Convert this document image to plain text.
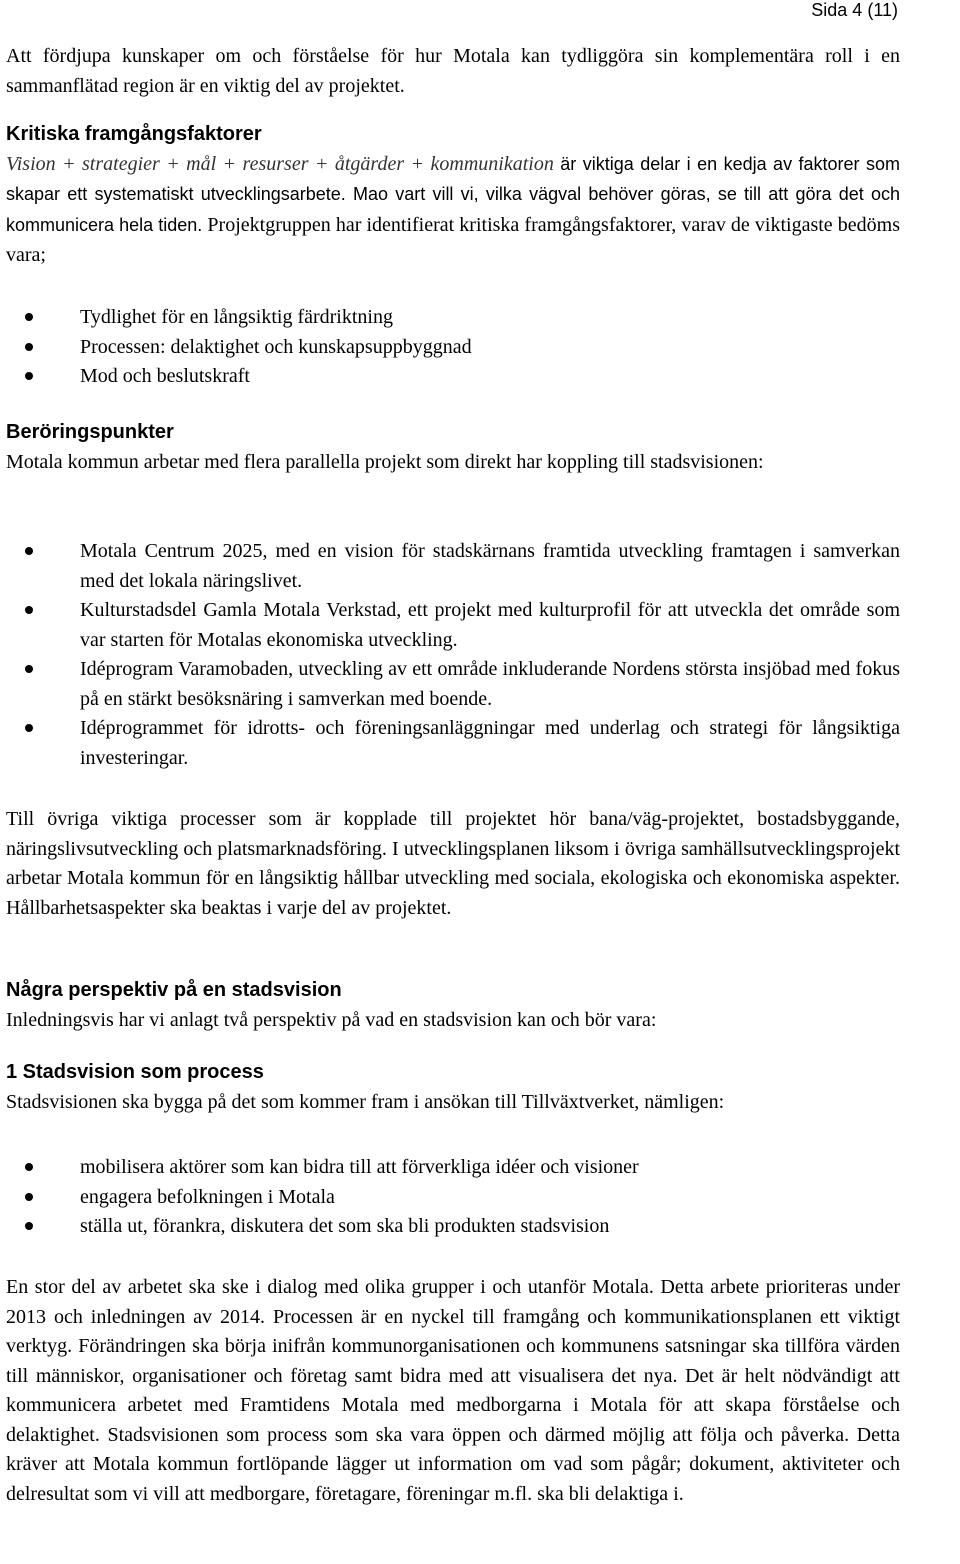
Sida 4 (11)

Att fördjupa kunskaper om och förståelse för hur Motala kan tydliggöra sin komplementära roll i en sammanflätad region är en viktig del av projektet.

Kritiska framgångsfaktorer

Vision + strategier + mål + resurser + åtgärder + kommunikation är viktiga delar i en kedja av faktorer som skapar ett systematiskt utvecklingsarbete. Mao vart vill vi, vilka vägval behöver göras, se till att göra det och kommunicera hela tiden. Projektgruppen har identifierat kritiska framgångsfaktorer, varav de viktigaste bedöms vara;

Tydlighet för en långsiktig färdriktning
Processen: delaktighet och kunskapsuppbyggnad
Mod och beslutskraft
Beröringspunkter

Motala kommun arbetar med flera parallella projekt som direkt har koppling till stadsvisionen:

Motala Centrum 2025, med en vision för stadskärnans framtida utveckling framtagen i samverkan med det lokala näringslivet.
Kulturstadsdel Gamla Motala Verkstad, ett projekt med kulturprofil för att utveckla det område som var starten för Motalas ekonomiska utveckling.
Idéprogram Varamobaden, utveckling av ett område inkluderande Nordens största insjöbad med fokus på en stärkt besöksnäring i samverkan med boende.
Idéprogrammet för idrotts- och föreningsanläggningar med underlag och strategi för långsiktiga investeringar.

Till övriga viktiga processer som är kopplade till projektet hör bana/väg-projektet, bostadsbyggande, näringslivsutveckling och platsmarknadsföring. I utvecklingsplanen liksom i övriga samhällsutvecklingsprojekt arbetar Motala kommun för en långsiktig hållbar utveckling med sociala, ekologiska och ekonomiska aspekter. Hållbarhetsaspekter ska beaktas i varje del av projektet.

Några perspektiv på en stadsvision

Inledningsvis har vi anlagt två perspektiv på vad en stadsvision kan och bör vara:

1 Stadsvision som process

Stadsvisionen ska bygga på det som kommer fram i ansökan till Tillväxtverket, nämligen:

mobilisera aktörer som kan bidra till att förverkliga idéer och visioner
engagera befolkningen i Motala
ställa ut, förankra, diskutera det som ska bli produkten stadsvision

En stor del av arbetet ska ske i dialog med olika grupper i och utanför Motala. Detta arbete prioriteras under 2013 och inledningen av 2014. Processen är en nyckel till framgång och kommunikationsplanen ett viktigt verktyg. Förändringen ska börja inifrån kommunorganisationen och kommunens satsningar ska tillföra värden till människor, organisationer och företag samt bidra med att visualisera det nya. Det är helt nödvändigt att kommunicera arbetet med Framtidens Motala med medborgarna i Motala för att skapa förståelse och delaktighet. Stadsvisionen som process som ska vara öppen och därmed möjlig att följa och påverka. Detta kräver att Motala kommun fortlöpande lägger ut information om vad som pågår; dokument, aktiviteter och delresultat som vi vill att medborgare, företagare, föreningar m.fl. ska bli delaktiga i.
